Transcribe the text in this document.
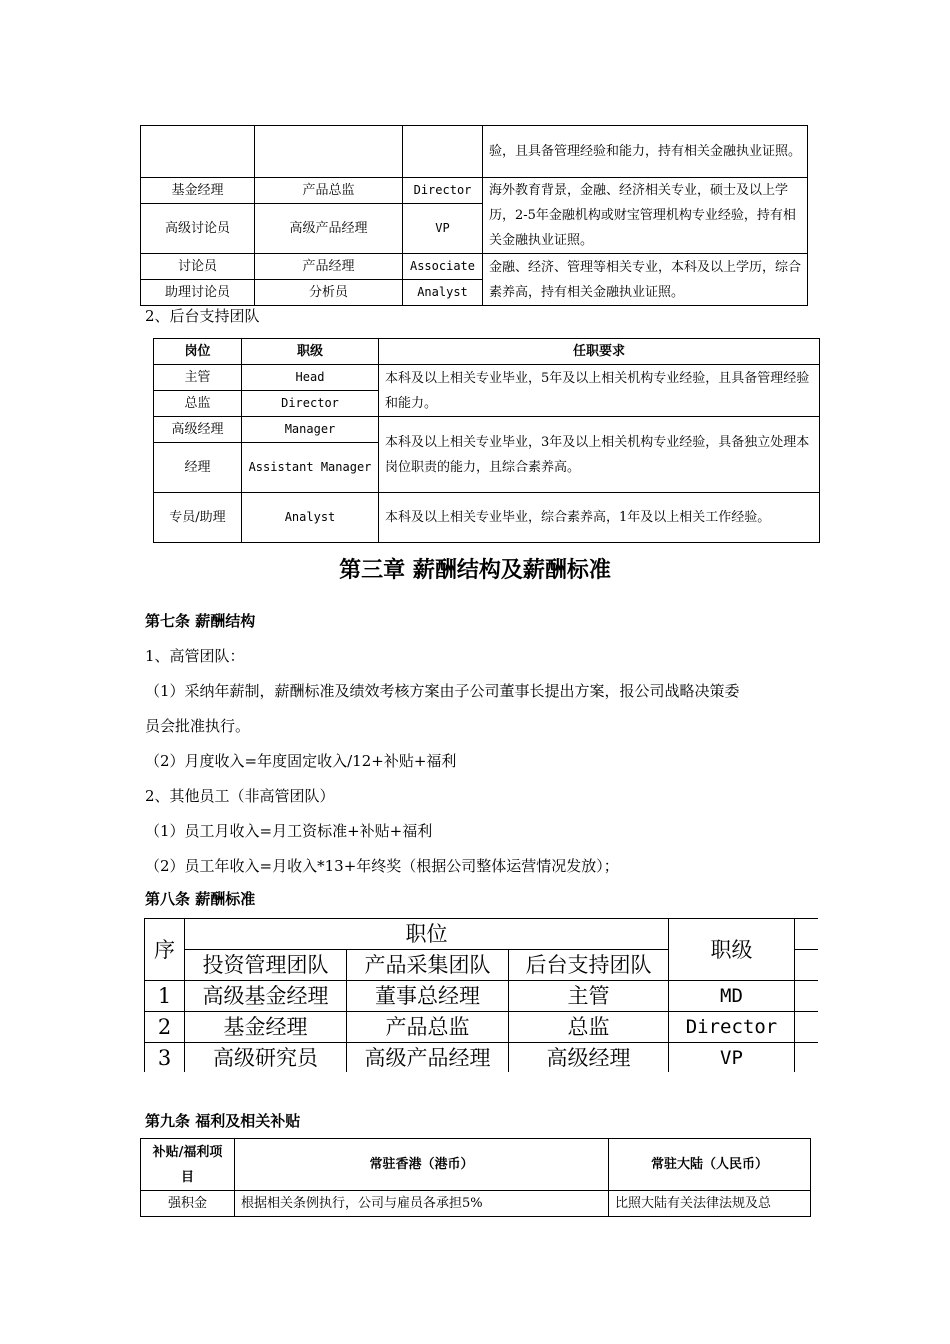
			验，且具备管理经验和能力，持有相关金融执业证照。
基金经理	产品总监	Director	海外教育背景，金融、经济相关专业，硕士及以上学历，2-5年金融机构或财宝管理机构专业经验，持有相关金融执业证照。
高级讨论员	高级产品经理	VP	
讨论员	产品经理	Associate	金融、经济、管理等相关专业，本科及以上学历，综合素养高，持有相关金融执业证照。
助理讨论员	分析员	Analyst	
2、后台支持团队
岗位	职级	任职要求
主管	Head	本科及以上相关专业毕业，5年及以上相关机构专业经验，且具备管理经验和能力。
总监	Director	
高级经理	Manager	本科及以上相关专业毕业，3年及以上相关机构专业经验，具备独立处理本岗位职责的能力，且综合素养高。
经理	Assistant Manager	
专员/助理	Analyst	本科及以上相关专业毕业，综合素养高，1年及以上相关工作经验。
第三章 薪酬结构及薪酬标准
第七条 薪酬结构
1、高管团队：
（1）采纳年薪制，薪酬标准及绩效考核方案由子公司董事长提出方案，报公司战略决策委
员会批准执行。
（2）月度收入=年度固定收入/12+补贴+福利
2、其他员工（非高管团队）
（1）员工月收入=月工资标准+补贴+福利
（2）员工年收入=月收入*13+年终奖（根据公司整体运营情况发放）；
第八条 薪酬标准
序	职位			职级	
	投资管理团队	产品采集团队	后台支持团队		
1	高级基金经理	董事总经理	主管	MD	
2	基金经理	产品总监	总监	Director	
3	高级研究员	高级产品经理	高级经理	VP	
第九条 福利及相关补贴
补贴/福利项目	常驻香港（港币）	常驻大陆（人民币）
强积金	根据相关条例执行，公司与雇员各承担5%	比照大陆有关法律法规及总
